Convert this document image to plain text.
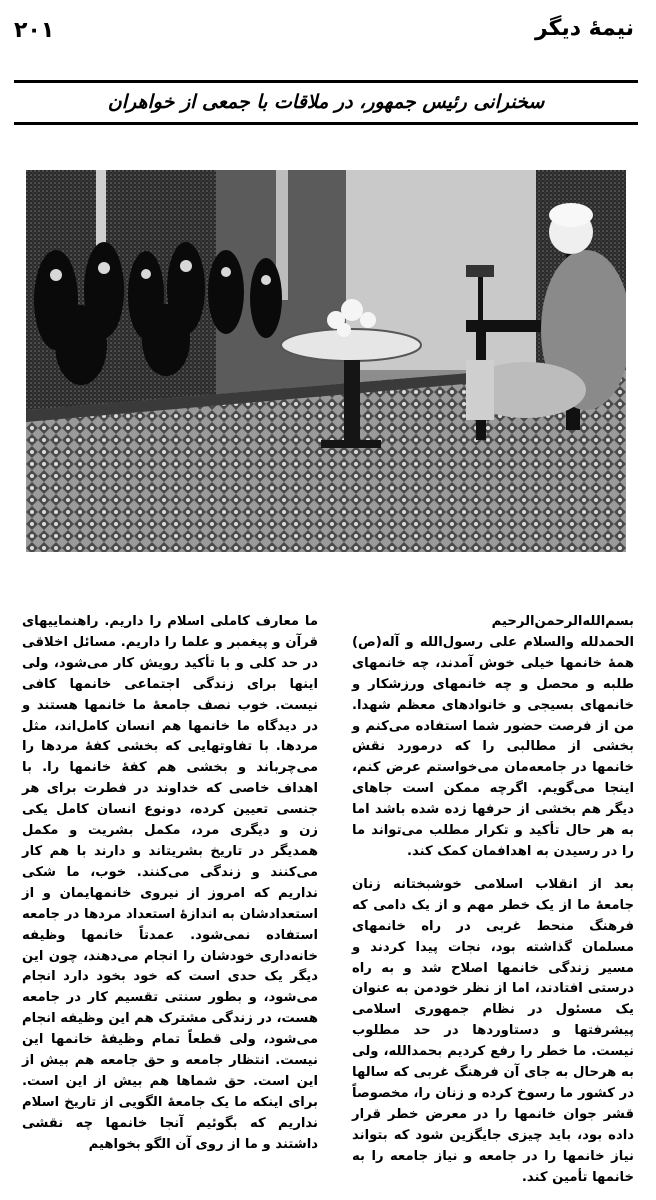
۲۰۱	نیمهٔ دیگر
سخنرانی رئیس جمهور، در ملاقات با جمعی از خواهران

بسم‌الله‌الرحمن‌الرحیم
الحمدلله والسلام علی رسول‌الله و آله(ص) همهٔ خانمها خیلی خوش آمدند، چه خانمهای طلبه و محصل و چه خانمهای ورزشکار و خانمهای بسیجی و خانوادهای معظم شهدا. من از فرصت حضور شما استفاده می‌کنم و بخشی از مطالبی را که درمورد نقش خانمها در جامعه‌مان می‌خواستم عرض کنم، اینجا می‌گویم. اگرچه ممکن است جاهای دیگر هم بخشی از حرفها زده شده باشد اما به هر حال تأکید و تکرار مطلب می‌تواند ما را در رسیدن به اهدافمان کمک کند.

بعد از انقلاب اسلامی خوشبختانه زنان جامعهٔ ما از یک خطر مهم و از یک دامی که فرهنگ منحط غربی در راه خانمهای مسلمان گذاشته بود، نجات پیدا کردند و مسیر زندگی خانمها اصلاح شد و به راه درستی افتادند، اما از نظر خودمن به عنوان یک مسئول در نظام جمهوری اسلامی پیشرفتها و دستاوردها در حد مطلوب نیست. ما خطر را رفع کردیم بحمدالله، ولی به هرحال به جای آن فرهنگ غربی که سالها در کشور ما رسوخ کرده و زنان را، مخصوصاً قشر جوان خانمها را در معرض خطر قرار داده بود، باید چیزی جایگزین شود که بتواند نیاز خانمها را در جامعه و نیاز جامعه را به خانمها تأمین کند.

ما معارف کاملی اسلام را داریم. راهنماییهای قرآن و پیغمبر و علما را داریم. مسائل اخلاقی در حد کلی و با تأکید رویش کار می‌شود، ولی اینها برای زندگی اجتماعی خانمها کافی نیست. خوب نصف جامعهٔ ما خانمها هستند و در دیدگاه ما خانمها هم انسان کامل‌اند، مثل مردها. با تفاوتهایی که بخشی کفهٔ مردها را می‌چرباند و بخشی هم کفهٔ خانمها را. با اهداف خاصی که خداوند در فطرت برای هر جنسی تعیین کرده، دونوع انسان کامل یکی زن و دیگری مرد، مکمل بشریت و مکمل همدیگر در تاریخ بشریتاند و دارند با هم کار می‌کنند و زندگی می‌کنند. خوب، ما شکی نداریم که امروز از نیروی خانمهایمان و از استعدادشان به اندازهٔ استعداد مردها در جامعه استفاده نمی‌شود. عمدتاً خانمها وظیفه خانه‌داری خودشان را انجام می‌دهند، چون این دیگر یک حدی است که خود بخود دارد انجام می‌شود، و بطور سنتی تقسیم کار در جامعه هست، در زندگی مشترک هم این وظیفه انجام می‌شود، ولی قطعاً تمام وظیفهٔ خانمها این نیست. انتظار جامعه و حق جامعه هم بیش از این است. حق شماها هم بیش از این است. برای اینکه ما یک جامعهٔ الگویی از تاریخ اسلام نداریم که بگوئیم آنجا خانمها چه نقشی داشتند و ما از روی آن الگو بخواهیم
